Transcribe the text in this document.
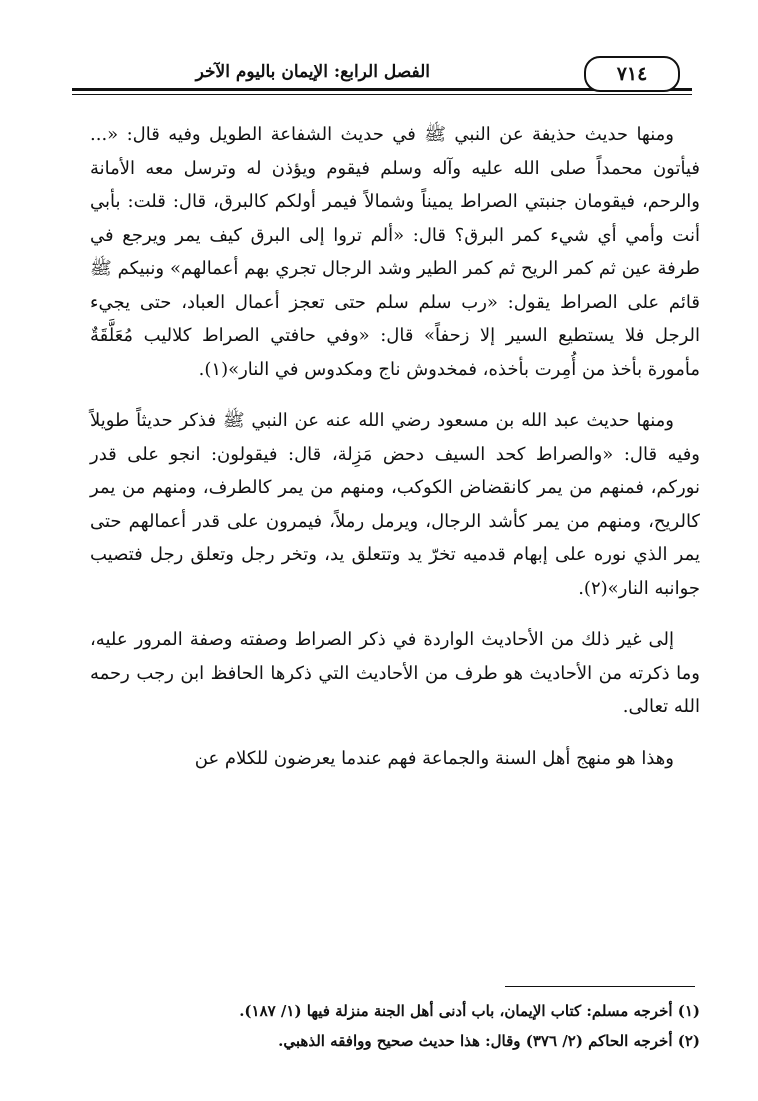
الفصل الرابع: الإيمان باليوم الآخر	٧١٤

ومنها حديث حذيفة عن النبي ﷺ في حديث الشفاعة الطويل وفيه قال: «... فيأتون محمداً صلى الله عليه وآله وسلم فيقوم ويؤذن له وترسل معه الأمانة والرحم، فيقومان جنبتي الصراط يميناً وشمالاً فيمر أولكم كالبرق، قال: قلت: بأبي أنت وأمي أي شيء كمر البرق؟ قال: «ألم تروا إلى البرق كيف يمر ويرجع في طرفة عين ثم كمر الريح ثم كمر الطير وشد الرجال تجري بهم أعمالهم» ونبيكم ﷺ قائم على الصراط يقول: «رب سلم سلم حتى تعجز أعمال العباد، حتى يجيء الرجل فلا يستطيع السير إلا زحفاً» قال: «وفي حافتي الصراط كلاليب مُعَلَّقَةٌ مأمورة بأخذ من أُمِرت بأخذه، فمخدوش ناج ومكدوس في النار»(١).

ومنها حديث عبد الله بن مسعود رضي الله عنه عن النبي ﷺ فذكر حديثاً طويلاً وفيه قال: «والصراط كحد السيف دحض مَزِلة، قال: فيقولون: انجو على قدر نوركم، فمنهم من يمر كانقضاض الكوكب، ومنهم من يمر كالطرف، ومنهم من يمر كالريح، ومنهم من يمر كأشد الرجال، ويرمل رملاً، فيمرون على قدر أعمالهم حتى يمر الذي نوره على إبهام قدميه تخرّ يد وتتعلق يد، وتخر رجل وتعلق رجل فتصيب جوانبه النار»(٢).

إلى غير ذلك من الأحاديث الواردة في ذكر الصراط وصفته وصفة المرور عليه، وما ذكرته من الأحاديث هو طرف من الأحاديث التي ذكرها الحافظ ابن رجب رحمه الله تعالى.

وهذا هو منهج أهل السنة والجماعة فهم عندما يعرضون للكلام عن

(١) أخرجه مسلم: كتاب الإيمان، باب أدنى أهل الجنة منزلة فيها (١/ ١٨٧).

(٢) أخرجه الحاكم (٢/ ٣٧٦) وقال: هذا حديث صحيح ووافقه الذهبي.
